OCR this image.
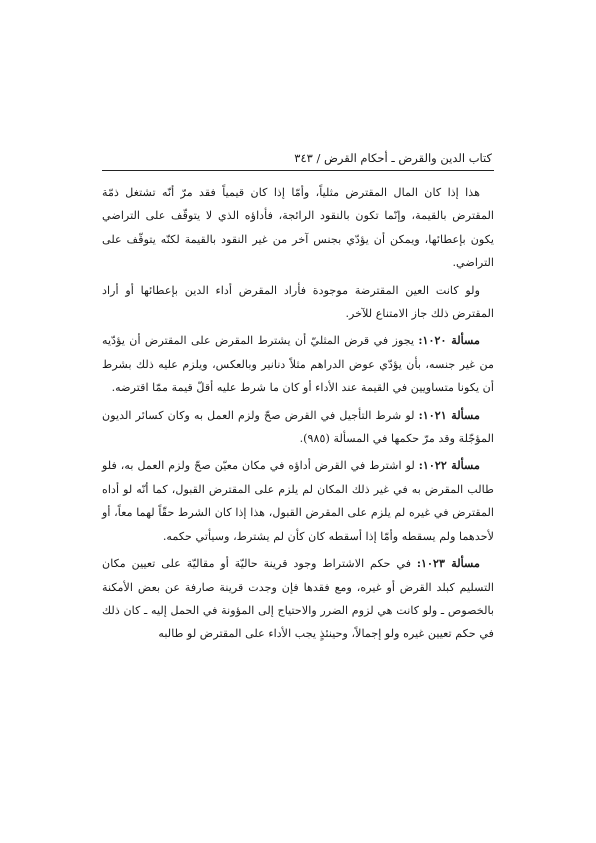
كتاب الدين والقرض ـ أحكام القرض / ٣٤٣

هذا إذا كان المال المقترض مثلياً، وأمّا إذا كان قيمياً فقد مرّ أنّه تشتغل ذمّة المقترض بالقيمة، وإنّما تكون بالنقود الرائجة، فأداؤه الذي لا يتوقّف على التراضي يكون بإعطائها، ويمكن أن يؤدّي بجنس آخر من غير النقود بالقيمة لكنّه يتوقّف على التراضي.

ولو كانت العين المقترضة موجودة فأراد المقرض أداء الدين بإعطائها أو أراد المقترض ذلك جاز الامتناع للآخر.

مسألة ١٠٢٠: يجوز في قرض المثليّ أن يشترط المقرض على المقترض أن يؤدّيه من غير جنسه، بأن يؤدّي عوض الدراهم مثلاً دنانير وبالعكس، ويلزم عليه ذلك بشرط أن يكونا متساويين في القيمة عند الأداء أو كان ما شرط عليه أقلّ قيمة ممّا اقترضه.

مسألة ١٠٢١: لو شرط التأجيل في القرض صحّ ولزم العمل به وكان كسائر الديون المؤجّلة وقد مرّ حكمها في المسألة (٩٨٥).

مسألة ١٠٢٢: لو اشترط في القرض أداؤه في مكان معيّن صحّ ولزم العمل به، فلو طالب المقرض به في غير ذلك المكان لم يلزم على المقترض القبول، كما أنّه لو أداه المقترض في غيره لم يلزم على المقرض القبول، هذا إذا كان الشرط حقّاً لهما معاً، أو لأحدهما ولم يسقطه وأمّا إذا أسقطه كان كأن لم يشترط، وسيأتي حكمه.

مسألة ١٠٢٣: في حكم الاشتراط وجود قرينة حاليّة أو مقاليّة على تعيين مكان التسليم كبلد القرض أو غيره، ومع فقدها فإن وجدت قرينة صارفة عن بعض الأمكنة بالخصوص ـ ولو كانت هي لزوم الضرر والاحتياج إلى المؤونة في الحمل إليه ـ كان ذلك في حكم تعيين غيره ولو إجمالاً، وحينئذٍ يجب الأداء على المقترض لو طالبه
